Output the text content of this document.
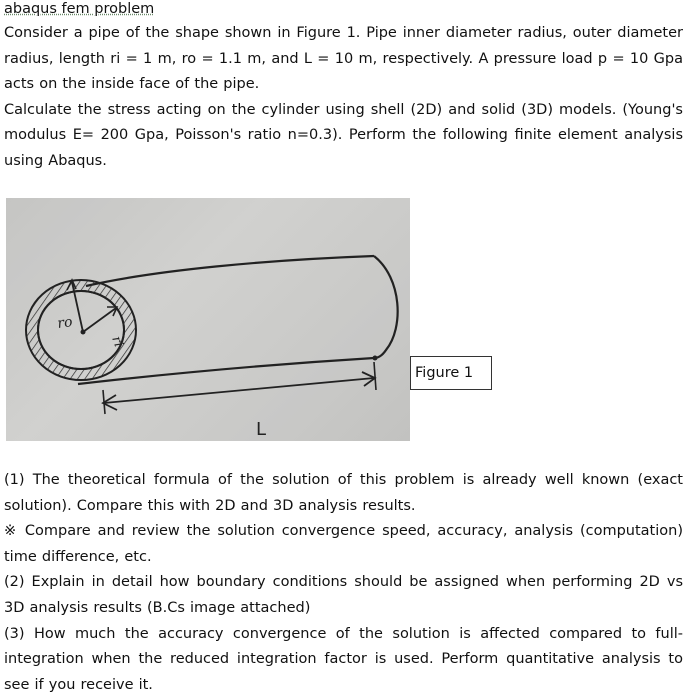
abaqus fem problem

Consider a pipe of the shape shown in Figure 1. Pipe inner diameter radius, outer diameter radius, length ri = 1 m, ro = 1.1 m, and L = 10 m, respectively. A pressure load p = 10 Gpa acts on the inside face of the pipe.

Calculate the stress acting on the cylinder using shell (2D) and solid (3D) models. (Young's modulus E= 200 Gpa, Poisson's ratio n=0.3). Perform the following finite element analysis using Abaqus.

ro
ri
L
Figure 1

(1) The theoretical formula of the solution of this problem is already well known (exact solution). Compare this with 2D and 3D analysis results.

※ Compare and review the solution convergence speed, accuracy, analysis (computation) time difference, etc.

(2) Explain in detail how boundary conditions should be assigned when performing 2D vs 3D analysis results (B.Cs image attached)

(3) How much the accuracy convergence of the solution is affected compared to full-integration when the reduced integration factor is used. Perform quantitative analysis to see if you receive it.
